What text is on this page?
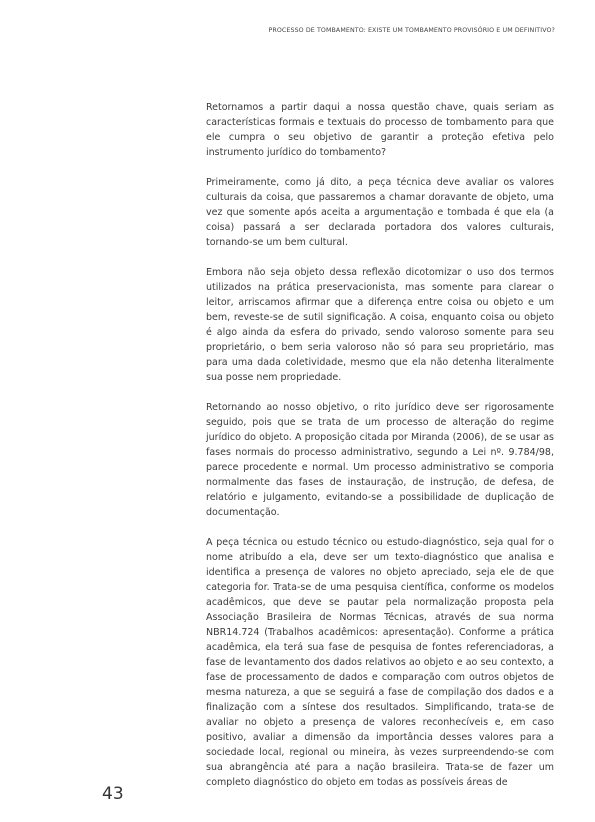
PROCESSO DE TOMBAMENTO: EXISTE UM TOMBAMENTO PROVISÓRIO E UM DEFINITIVO?

Retornamos a partir daqui a nossa questão chave, quais seriam as características formais e textuais do processo de tombamento para que ele cumpra o seu objetivo de garantir a proteção efetiva pelo instrumento jurídico do tombamento?

Primeiramente, como já dito, a peça técnica deve avaliar os valores culturais da coisa, que passaremos a chamar doravante de objeto, uma vez que somente após aceita a argumentação e tombada é que ela (a coisa) passará a ser declarada portadora dos valores culturais, tornando-se um bem cultural.

Embora não seja objeto dessa reflexão dicotomizar o uso dos termos utilizados na prática preservacionista, mas somente para clarear o leitor, arriscamos afirmar que a diferença entre coisa ou objeto e um bem, reveste-se de sutil significação. A coisa, enquanto coisa ou objeto é algo ainda da esfera do privado, sendo valoroso somente para seu proprietário, o bem seria valoroso não só para seu proprietário, mas para uma dada coletividade, mesmo que ela não detenha literalmente sua posse nem propriedade.

Retornando ao nosso objetivo, o rito jurídico deve ser rigorosamente seguido, pois que se trata de um processo de alteração do regime jurídico do objeto. A proposição citada por Miranda (2006), de se usar as fases normais do processo administrativo, segundo a Lei nº. 9.784/98, parece procedente e normal. Um processo administrativo se comporia normalmente das fases de instauração, de instrução, de defesa, de relatório e julgamento, evitando-se a possibilidade de duplicação de documentação.

A peça técnica ou estudo técnico ou estudo-diagnóstico, seja qual for o nome atribuído a ela, deve ser um texto-diagnóstico que analisa e identifica a presença de valores no objeto apreciado, seja ele de que categoria for. Trata-se de uma pesquisa científica, conforme os modelos acadêmicos, que deve se pautar pela normalização proposta pela Associação Brasileira de Normas Técnicas, através de sua norma NBR14.724 (Trabalhos acadêmicos: apresentação). Conforme a prática acadêmica, ela terá sua fase de pesquisa de fontes referenciadoras, a fase de levantamento dos dados relativos ao objeto e ao seu contexto, a fase de processamento de dados e comparação com outros objetos de mesma natureza, a que se seguirá a fase de compilação dos dados e a finalização com a síntese dos resultados. Simplificando, trata-se de avaliar no objeto a presença de valores reconhecíveis e, em caso positivo, avaliar a dimensão da importância desses valores para a sociedade local, regional ou mineira, às vezes surpreendendo-se com sua abrangência até para a nação brasileira. Trata-se de fazer um completo diagnóstico do objeto em todas as possíveis áreas de

43
